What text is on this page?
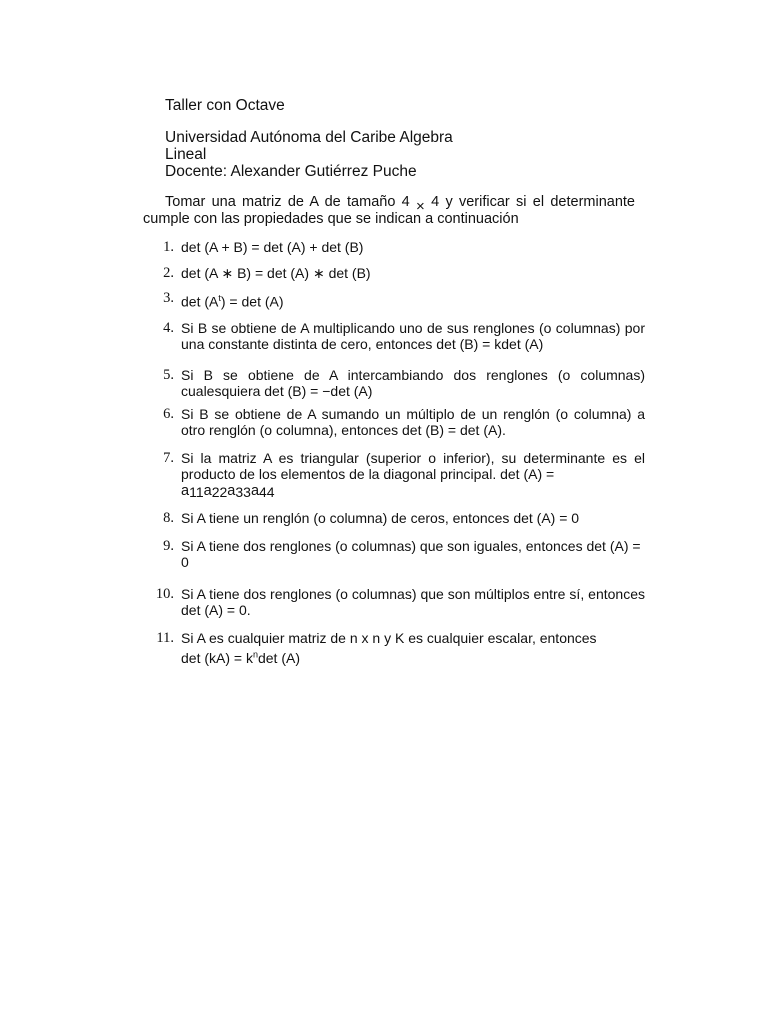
Taller con Octave
Universidad Autónoma del Caribe Algebra
Lineal
Docente: Alexander Gutiérrez Puche
Tomar una matriz de A de tamaño 4 × 4 y verificar si el determinante cumple con las propiedades que se indican a continuación
1. det (A + B) = det (A) + det (B)
2. det (A ∗ B) = det (A) ∗ det (B)
3. $\det (A^t) = \det (A)$
4. Si B se obtiene de A multiplicando uno de sus renglones (o columnas) por una constante distinta de cero, entonces det (B) = kdet (A)
5. Si B se obtiene de A intercambiando dos renglones (o columnas) cualesquiera det (B) = −det (A)
6. Si B se obtiene de A sumando un múltiplo de un renglón (o columna) a otro renglón (o columna), entonces det (B) = det (A).
7. Si la matriz A es triangular (superior o inferior), su determinante es el producto de los elementos de la diagonal principal. det (A) =
$a_{11}a_{22}a_{33}a_{44}$
8. Si A tiene un renglón (o columna) de ceros, entonces det (A) = 0
9. Si A tiene dos renglones (o columnas) que son iguales, entonces det (A) = 0
10. Si A tiene dos renglones (o columnas) que son múltiplos entre sí, entonces det (A) = 0.
11. Si A es cualquier matriz de n x n y K es cualquier escalar, entonces
$\det (kA) = k^n\det$ (A)
